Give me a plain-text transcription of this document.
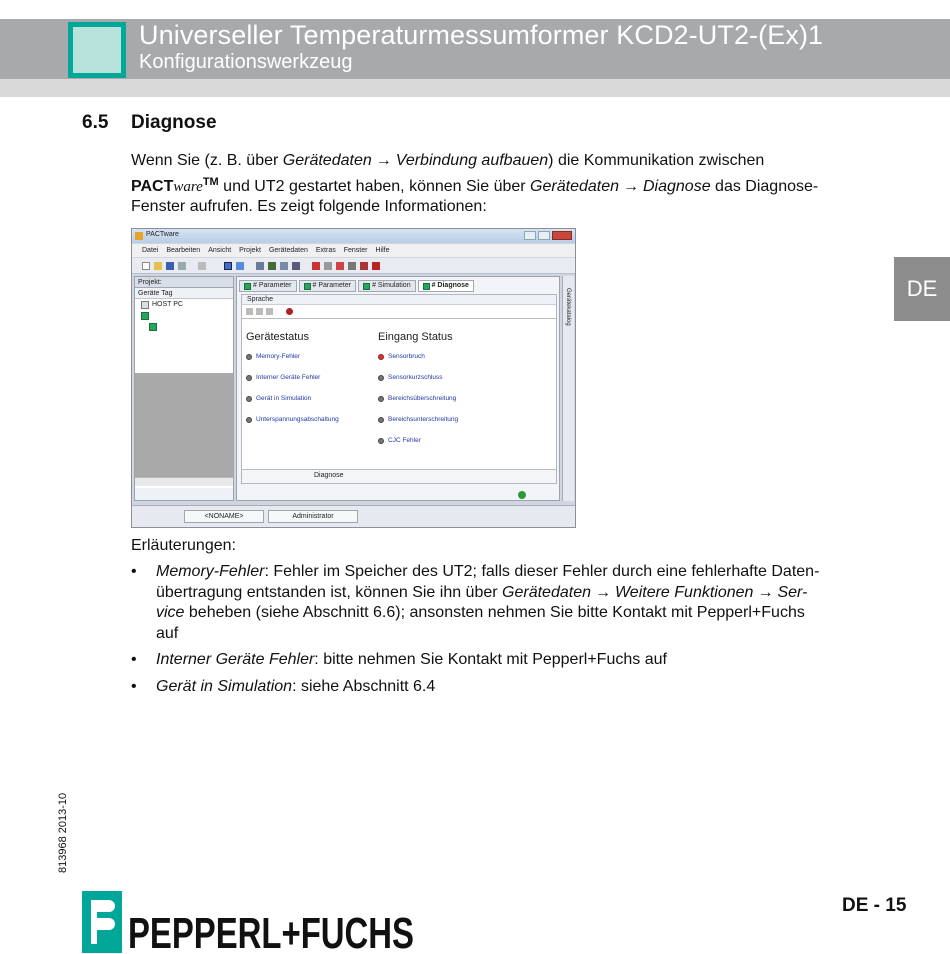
Universeller Temperaturmessumformer KCD2-UT2-(Ex)1
Konfigurationswerkzeug
DE
6.5 Diagnose
Wenn Sie (z. B. über Gerätedaten → Verbindung aufbauen) die Kommunikation zwischen
PACTware™ und UT2 gestartet haben, können Sie über Gerätedaten → Diagnose das Diagnose-
Fenster aufrufen. Es zeigt folgende Informationen:
PACTware
Datei Bearbeiten Ansicht Projekt Gerätedaten Extras Fenster Hilfe
Projekt:
Geräte Tag
HOST PC
# Parameter	# Parameter	# Simulation	# Diagnose
Sprache
Gerätestatus	Eingang Status
Memory-Fehler
Interner Geräte Fehler
Gerät in Simulation
Unterspannungsabschaltung
Sensorbruch
Sensorkurzschluss
Bereichsüberschreitung
Bereichsunterschreitung
CJC Fehler
Diagnose
Gerätekatalog
<NONAME>	Administrator
Erläuterungen:
• Memory-Fehler: Fehler im Speicher des UT2; falls dieser Fehler durch eine fehlerhafte Daten-
übertragung entstanden ist, können Sie ihn über Gerätedaten → Weitere Funktionen → Ser-
vice beheben (siehe Abschnitt 6.6); ansonsten nehmen Sie bitte Kontakt mit Pepperl+Fuchs
auf
• Interner Geräte Fehler: bitte nehmen Sie Kontakt mit Pepperl+Fuchs auf
• Gerät in Simulation: siehe Abschnitt 6.4
813968 2013-10
DE - 15
PEPPERL+FUCHS
